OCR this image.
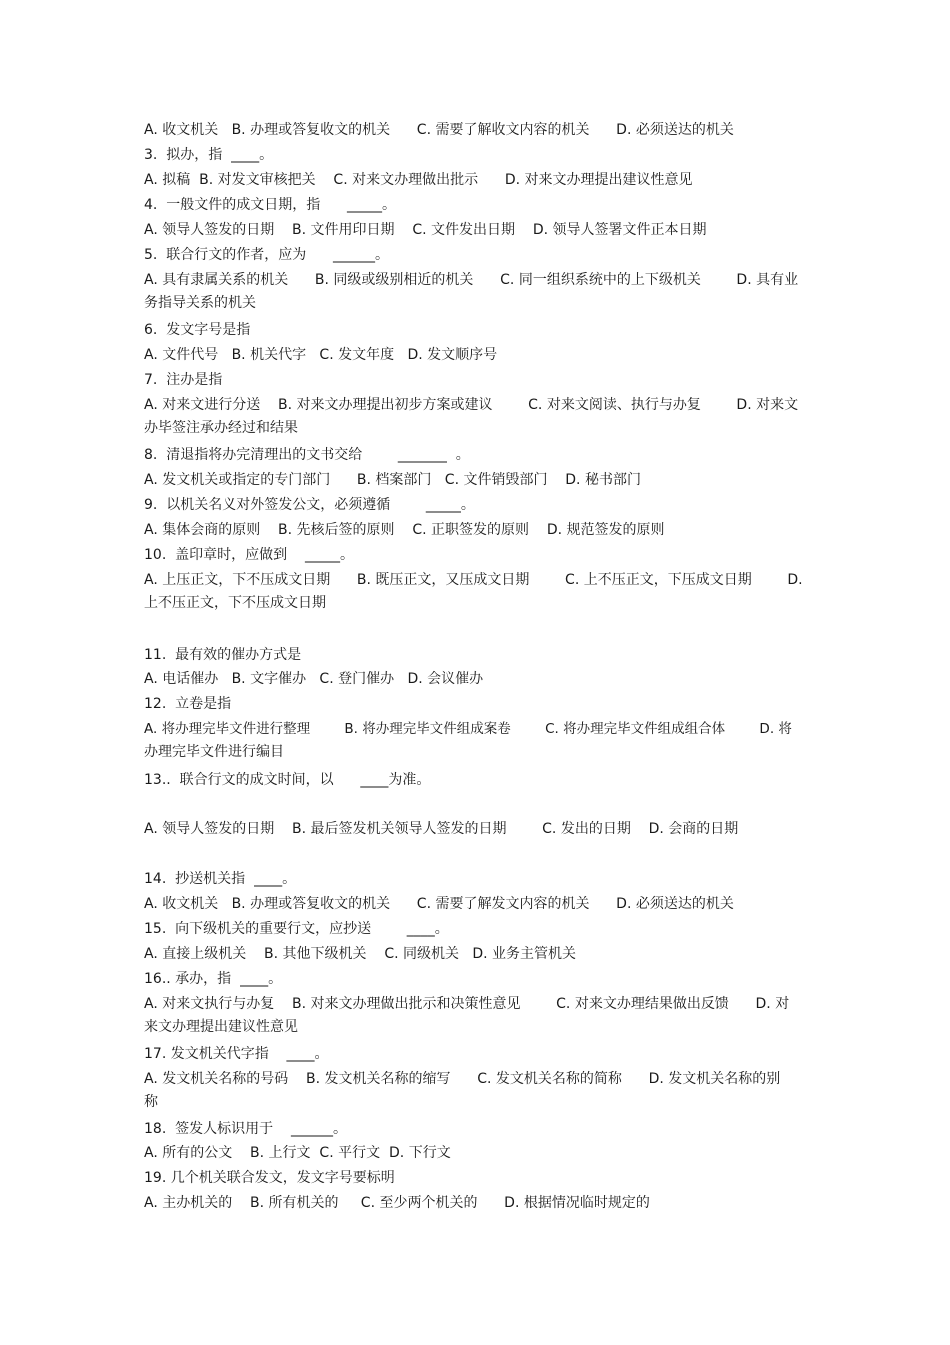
A. 收文机关   B. 办理或答复收文的机关      C. 需要了解收文内容的机关      D. 必须送达的机关
3.  拟办，指  ____。
A. 拟稿  B. 对发文审核把关    C. 对来文办理做出批示      D. 对来文办理提出建议性意见
4.  一般文件的成文日期，指      _____。
A. 领导人签发的日期    B. 文件用印日期    C. 文件发出日期    D. 领导人签署文件正本日期
5.  联合行文的作者，应为      ______。
A. 具有隶属关系的机关      B. 同级或级别相近的机关      C. 同一组织系统中的上下级机关        D. 具有业
务指导关系的机关
6.  发文字号是指
A. 文件代号   B. 机关代字   C. 发文年度   D. 发文顺序号
7.  注办是指
A. 对来文进行分送    B. 对来文办理提出初步方案或建议        C. 对来文阅读、执行与办复        D. 对来文
办毕签注承办经过和结果
8.  清退指将办完清理出的文书交给        _______  。
A. 发文机关或指定的专门部门      B. 档案部门   C. 文件销毁部门    D. 秘书部门
9.  以机关名义对外签发公文，必须遵循        _____。
A. 集体会商的原则    B. 先核后签的原则    C. 正职签发的原则    D. 规范签发的原则
10.  盖印章时，应做到    _____。
A. 上压正文，下不压成文日期      B. 既压正文，又压成文日期        C. 上不压正文，下压成文日期        D.
上不压正文，下不压成文日期
11.  最有效的催办方式是
A. 电话催办   B. 文字催办   C. 登门催办   D. 会议催办
12.  立卷是指
A. 将办理完毕文件进行整理        B. 将办理完毕文件组成案卷        C. 将办理完毕文件组成组合体        D. 将
办理完毕文件进行编目
13..  联合行文的成文时间，以      ____为准。
A. 领导人签发的日期    B. 最后签发机关领导人签发的日期        C. 发出的日期    D. 会商的日期
14.  抄送机关指  ____。
A. 收文机关   B. 办理或答复收文的机关      C. 需要了解发文内容的机关      D. 必须送达的机关
15.  向下级机关的重要行文，应抄送        ____。
A. 直接上级机关    B. 其他下级机关    C. 同级机关   D. 业务主管机关
16.. 承办，指  ____。
A. 对来文执行与办复    B. 对来文办理做出批示和决策性意见        C. 对来文办理结果做出反馈      D. 对
来文办理提出建议性意见
17. 发文机关代字指    ____。
A. 发文机关名称的号码    B. 发文机关名称的缩写      C. 发文机关名称的简称      D. 发文机关名称的别
称
18.  签发人标识用于    ______。
A. 所有的公文    B. 上行文  C. 平行文  D. 下行文
19. 几个机关联合发文，发文字号要标明
A. 主办机关的    B. 所有机关的     C. 至少两个机关的      D. 根据情况临时规定的
